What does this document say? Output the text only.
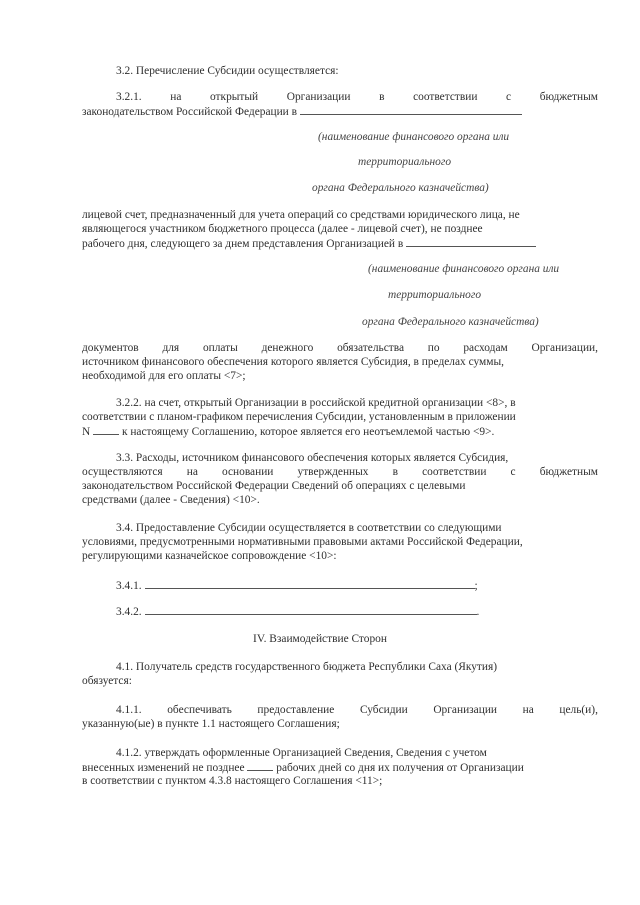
3.2. Перечисление Субсидии осуществляется:
3.2.1.	на	открытый	Организации	в	соответствии	с	бюджетным
законодательством Российской Федерации в
(наименование финансового органа или
территориального
органа Федерального казначейства)
лицевой счет, предназначенный для учета операций со средствами юридического лица, не
являющегося участником бюджетного процесса (далее - лицевой счет), не позднее
рабочего дня, следующего за днем представления Организацией в
(наименование финансового органа или
территориального
органа Федерального казначейства)
документов для оплаты денежного обязательства по расходам Организации,
источником финансового обеспечения которого является Субсидия, в пределах суммы,
необходимой для его оплаты <7>;
3.2.2. на счет, открытый Организации в российской кредитной организации <8>, в
соответствии с планом-графиком перечисления Субсидии, установленным в приложении
N	к настоящему Соглашению, которое является его неотъемлемой частью <9>.
3.3. Расходы, источником финансового обеспечения которых является Субсидия,
осуществляются на основании утвержденных в соответствии с бюджетным
законодательством Российской Федерации Сведений об операциях с целевыми
средствами (далее - Сведения) <10>.
3.4. Предоставление Субсидии осуществляется в соответствии со следующими
условиями, предусмотренными нормативными правовыми актами Российской Федерации,
регулирующими казначейское сопровождение <10>:
3.4.1.	;
3.4.2.	.
IV. Взаимодействие Сторон
4.1. Получатель средств государственного бюджета Республики Саха (Якутия)
обязуется:
4.1.1. обеспечивать предоставление Субсидии Организации на цель(и),
указанную(ые) в пункте 1.1 настоящего Соглашения;
4.1.2. утверждать оформленные Организацией Сведения, Сведения с учетом
внесенных изменений не позднее	рабочих дней со дня их получения от Организации
в соответствии с пунктом 4.3.8 настоящего Соглашения <11>;
